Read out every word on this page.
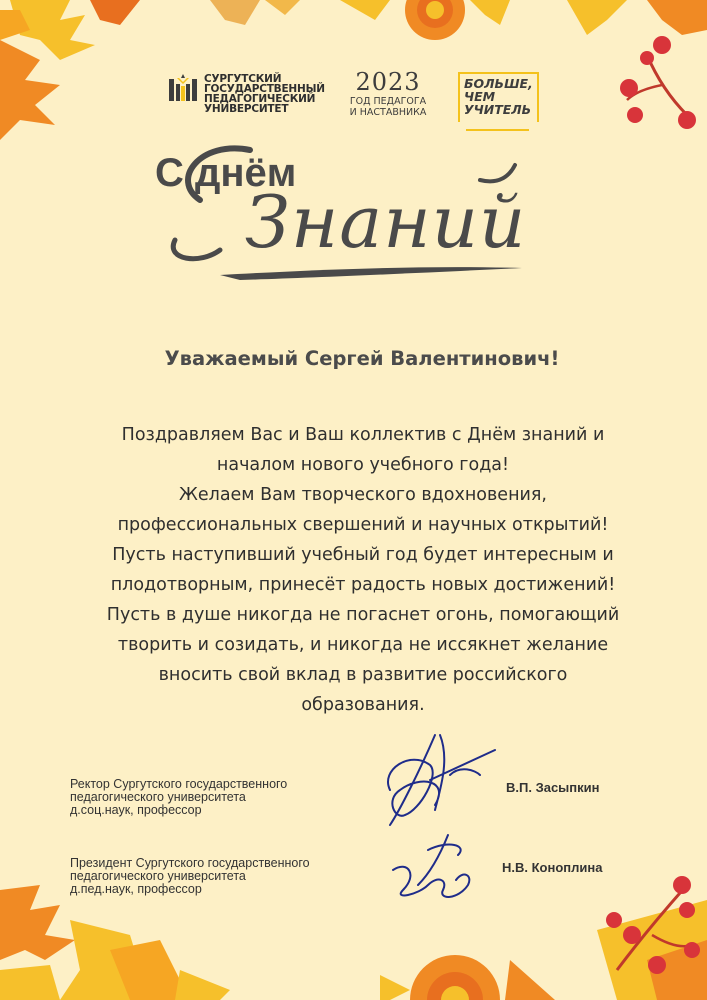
СУРГУТСКИЙ
ГОСУДАРСТВЕННЫЙ
ПЕДАГОГИЧЕСКИЙ
УНИВЕРСИТЕТ
2023
ГОД ПЕДАГОГА
И НАСТАВНИКА
БОЛЬШЕ,
ЧЕМ
УЧИТЕЛЬ
С днём
Знаний
Уважаемый Сергей Валентинович!

Поздравляем Вас и Ваш коллектив с Днём знаний и

началом нового учебного года!

Желаем Вам творческого вдохновения,

профессиональных свершений и научных открытий!

Пусть наступивший учебный год будет интересным и

плодотворным, принесёт радость новых достижений!

Пусть в душе никогда не погаснет огонь, помогающий

творить и созидать, и никогда не иссякнет желание

вносить свой вклад в развитие российского

образования.

Ректор Сургутского государственного
педагогического университета
д.соц.наук, профессор
В.П. Засыпкин
Президент Сургутского государственного
педагогического университета
д.пед.наук, профессор
Н.В. Коноплина
